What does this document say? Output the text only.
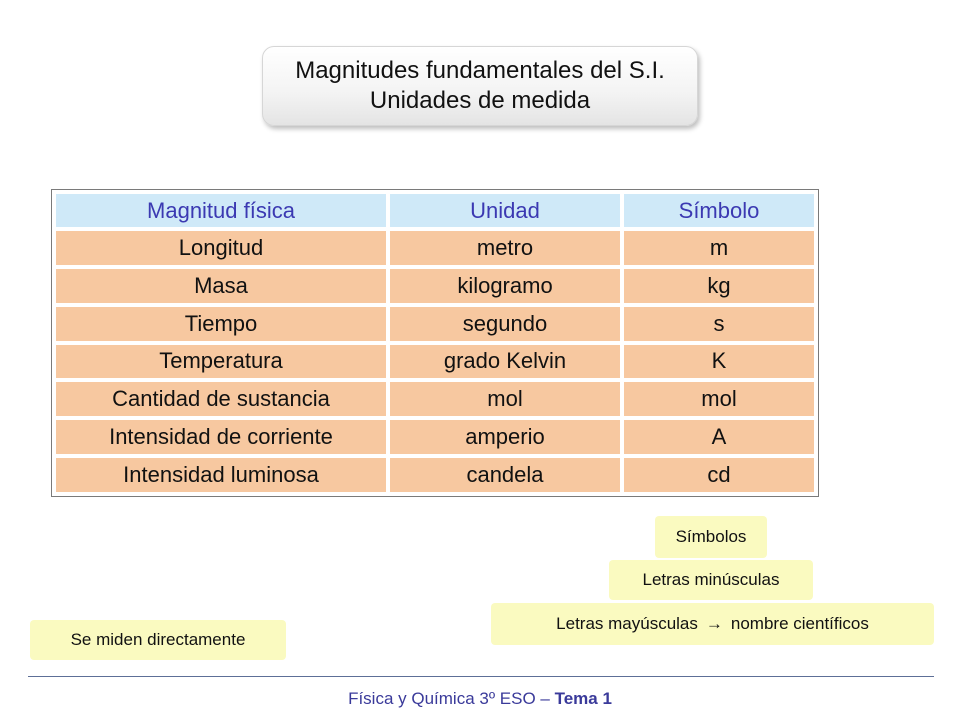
Magnitudes fundamentales del S.I.
Unidades de medida
Magnitud física	Unidad	Símbolo
Longitud	metro	m
Masa	kilogramo	kg
Tiempo	segundo	s
Temperatura	grado Kelvin	K
Cantidad de sustancia	mol	mol
Intensidad de corriente	amperio	A
Intensidad luminosa	candela	cd
Símbolos
Letras minúsculas
Letras mayúsculas → nombre científicos
Se miden directamente
Física y Química 3º ESO – Tema 1
